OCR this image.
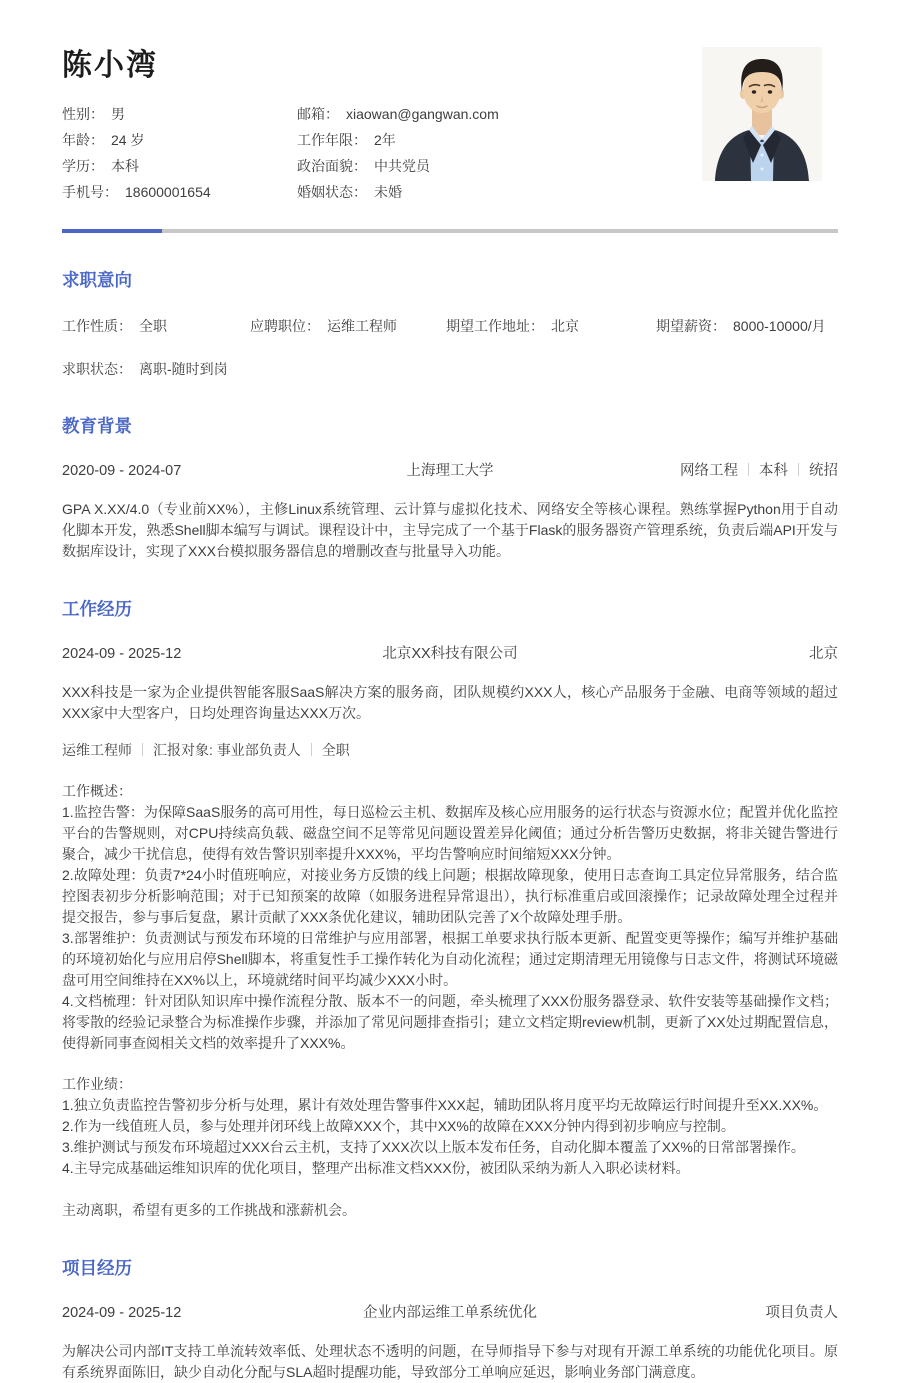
陈小湾
性别： 男	邮箱： xiaowan@gangwan.com
年龄： 24 岁	工作年限： 2年
学历： 本科	政治面貌： 中共党员
手机号： 18600001654	婚姻状态： 未婚
求职意向
工作性质： 全职	应聘职位： 运维工程师	期望工作地址： 北京	期望薪资： 8000-10000/月
求职状态： 离职-随时到岗
教育背景
2020-09 - 2024-07	上海理工大学	网络工程 本科 统招

GPA X.XX/4.0（专业前XX%），主修Linux系统管理、云计算与虚拟化技术、网络安全等核心课程。熟练掌握Python用于自动化脚本开发，熟悉Shell脚本编写与调试。课程设计中，主导完成了一个基于Flask的服务器资产管理系统，负责后端API开发与数据库设计，实现了XXX台模拟服务器信息的增删改查与批量导入功能。

工作经历
2024-09 - 2025-12	北京XX科技有限公司	北京

XXX科技是一家为企业提供智能客服SaaS解决方案的服务商，团队规模约XXX人，核心产品服务于金融、电商等领域的超过XXX家中大型客户，日均处理咨询量达XXX万次。

运维工程师 汇报对象: 事业部负责人 全职
工作概述：
1.监控告警：为保障SaaS服务的高可用性，每日巡检云主机、数据库及核心应用服务的运行状态与资源水位；配置并优化监控平台的告警规则，对CPU持续高负载、磁盘空间不足等常见问题设置差异化阈值；通过分析告警历史数据，将非关键告警进行聚合，减少干扰信息，使得有效告警识别率提升XXX%，平均告警响应时间缩短XXX分钟。
2.故障处理：负责7*24小时值班响应，对接业务方反馈的线上问题；根据故障现象，使用日志查询工具定位异常服务，结合监控图表初步分析影响范围；对于已知预案的故障（如服务进程异常退出），执行标准重启或回滚操作；记录故障处理全过程并提交报告，参与事后复盘，累计贡献了XXX条优化建议，辅助团队完善了X个故障处理手册。
3.部署维护：负责测试与预发布环境的日常维护与应用部署，根据工单要求执行版本更新、配置变更等操作；编写并维护基础的环境初始化与应用启停Shell脚本，将重复性手工操作转化为自动化流程；通过定期清理无用镜像与日志文件，将测试环境磁盘可用空间维持在XX%以上，环境就绪时间平均减少XXX小时。
4.文档梳理：针对团队知识库中操作流程分散、版本不一的问题，牵头梳理了XXX份服务器登录、软件安装等基础操作文档；将零散的经验记录整合为标准操作步骤，并添加了常见问题排查指引；建立文档定期review机制，更新了XX处过期配置信息，使得新同事查阅相关文档的效率提升了XXX%。
工作业绩：
1.独立负责监控告警初步分析与处理，累计有效处理告警事件XXX起，辅助团队将月度平均无故障运行时间提升至XX.XX%。
2.作为一线值班人员，参与处理并闭环线上故障XXX个，其中XX%的故障在XXX分钟内得到初步响应与控制。
3.维护测试与预发布环境超过XXX台云主机，支持了XXX次以上版本发布任务，自动化脚本覆盖了XX%的日常部署操作。
4.主导完成基础运维知识库的优化项目，整理产出标准文档XXX份，被团队采纳为新人入职必读材料。
主动离职，希望有更多的工作挑战和涨薪机会。
项目经历
2024-09 - 2025-12	企业内部运维工单系统优化	项目负责人

为解决公司内部IT支持工单流转效率低、处理状态不透明的问题，在导师指导下参与对现有开源工单系统的功能优化项目。原有系统界面陈旧，缺少自动化分配与SLA超时提醒功能，导致部分工单响应延迟，影响业务部门满意度。
